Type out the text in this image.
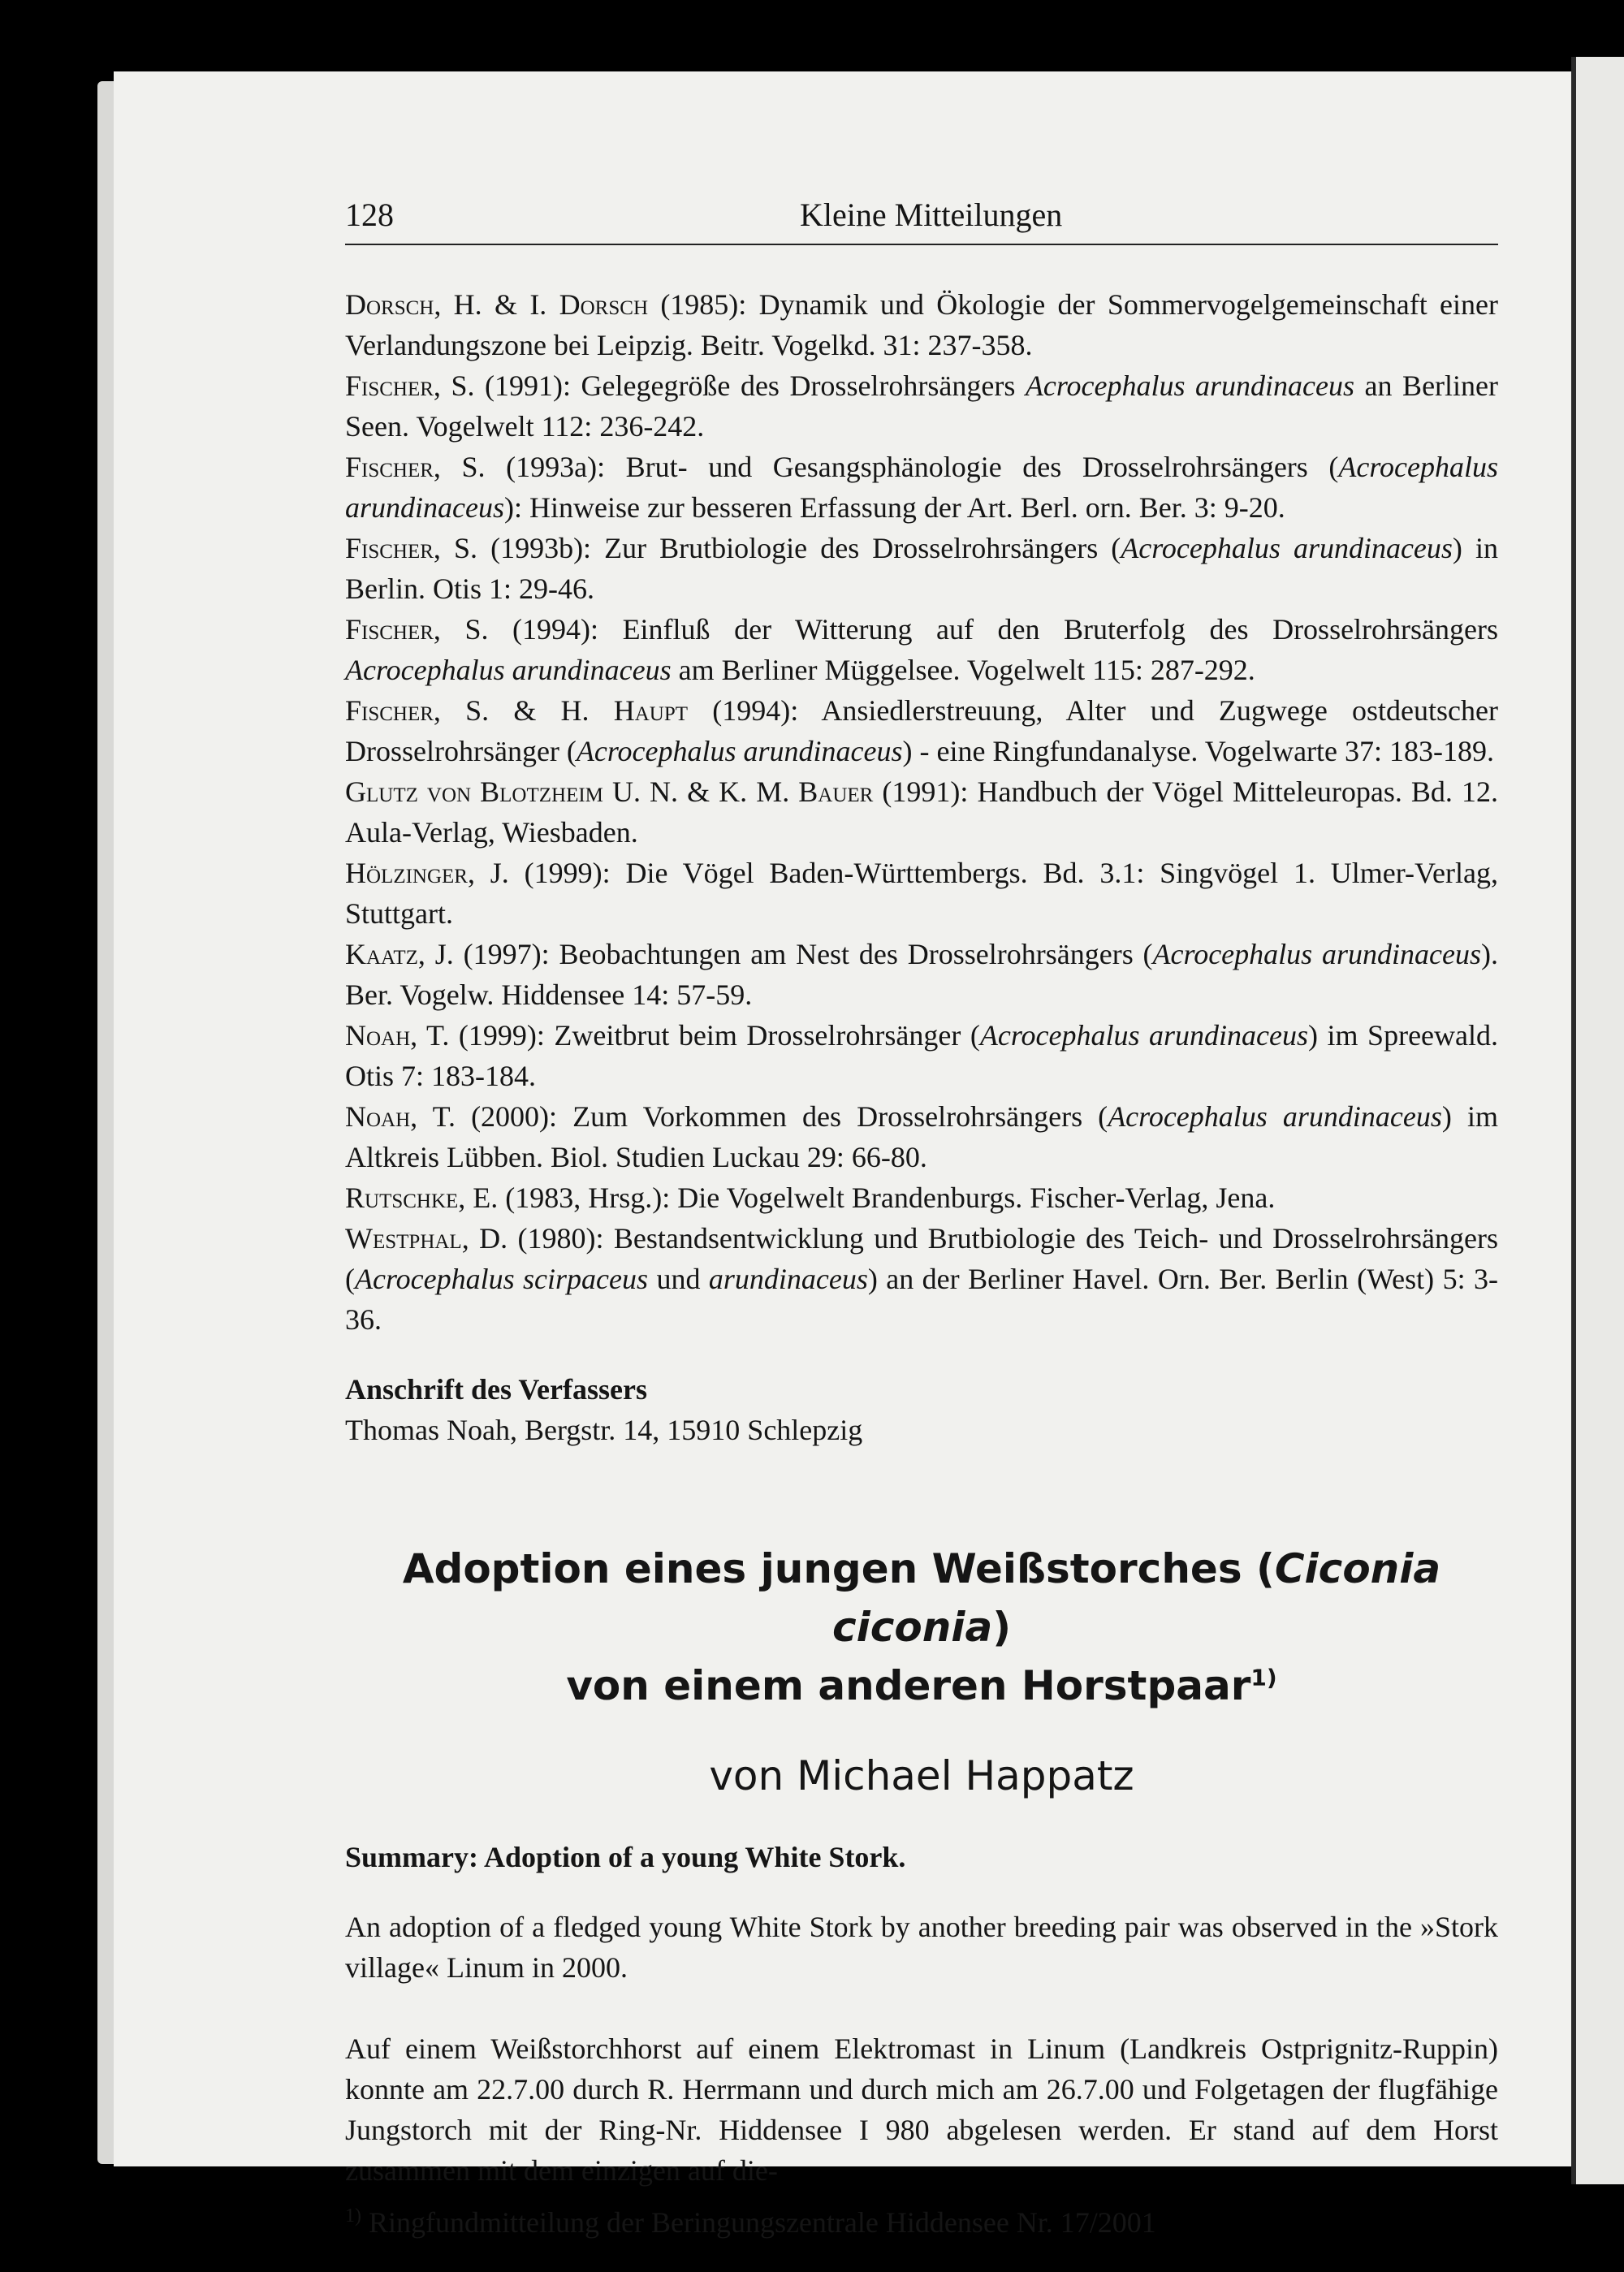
128	Kleine Mitteilungen

Dorsch, H. & I. Dorsch (1985): Dynamik und Ökologie der Sommervogelgemeinschaft einer Verlandungszone bei Leipzig. Beitr. Vogelkd. 31: 237-358.

Fischer, S. (1991): Gelegegröße des Drosselrohrsängers Acrocephalus arundinaceus an Berliner Seen. Vogelwelt 112: 236-242.

Fischer, S. (1993a): Brut- und Gesangsphänologie des Drosselrohrsängers (Acrocephalus arundinaceus): Hinweise zur besseren Erfassung der Art. Berl. orn. Ber. 3: 9-20.

Fischer, S. (1993b): Zur Brutbiologie des Drosselrohrsängers (Acrocephalus arundinaceus) in Berlin. Otis 1: 29-46.

Fischer, S. (1994): Einfluß der Witterung auf den Bruterfolg des Drosselrohrsängers Acrocephalus arundinaceus am Berliner Müggelsee. Vogelwelt 115: 287-292.

Fischer, S. & H. Haupt (1994): Ansiedlerstreuung, Alter und Zugwege ostdeutscher Drosselrohrsänger (Acrocephalus arundinaceus) - eine Ringfundanalyse. Vogelwarte 37: 183-189.

Glutz von Blotzheim U. N. & K. M. Bauer (1991): Handbuch der Vögel Mitteleuropas. Bd. 12. Aula-Verlag, Wiesbaden.

Hölzinger, J. (1999): Die Vögel Baden-Württembergs. Bd. 3.1: Singvögel 1. Ulmer-Verlag, Stuttgart.

Kaatz, J. (1997): Beobachtungen am Nest des Drosselrohrsängers (Acrocephalus arundinaceus). Ber. Vogelw. Hiddensee 14: 57-59.

Noah, T. (1999): Zweitbrut beim Drosselrohrsänger (Acrocephalus arundinaceus) im Spreewald. Otis 7: 183-184.

Noah, T. (2000): Zum Vorkommen des Drosselrohrsängers (Acrocephalus arundinaceus) im Altkreis Lübben. Biol. Studien Luckau 29: 66-80.

Rutschke, E. (1983, Hrsg.): Die Vogelwelt Brandenburgs. Fischer-Verlag, Jena.

Westphal, D. (1980): Bestandsentwicklung und Brutbiologie des Teich- und Drosselrohrsängers (Acrocephalus scirpaceus und arundinaceus) an der Berliner Havel. Orn. Ber. Berlin (West) 5: 3-36.

Anschrift des Verfassers

Thomas Noah, Bergstr. 14, 15910 Schlepzig

Adoption eines jungen Weißstorches (Ciconia ciconia)
von einem anderen Horstpaar$^{1)}$
von Michael Happatz

Summary: Adoption of a young White Stork.

An adoption of a fledged young White Stork by another breeding pair was observed in the »Stork village« Linum in 2000.

Auf einem Weißstorchhorst auf einem Elektromast in Linum (Landkreis Ostprignitz-Ruppin) konnte am 22.7.00 durch R. Herrmann und durch mich am 26.7.00 und Folgetagen der flugfähige Jungstorch mit der Ring-Nr. Hiddensee I 980 abgelesen werden. Er stand auf dem Horst zusammen mit dem einzigen auf die-

$^{1)}$ Ringfundmitteilung der Beringungszentrale Hiddensee Nr. 17/2001
